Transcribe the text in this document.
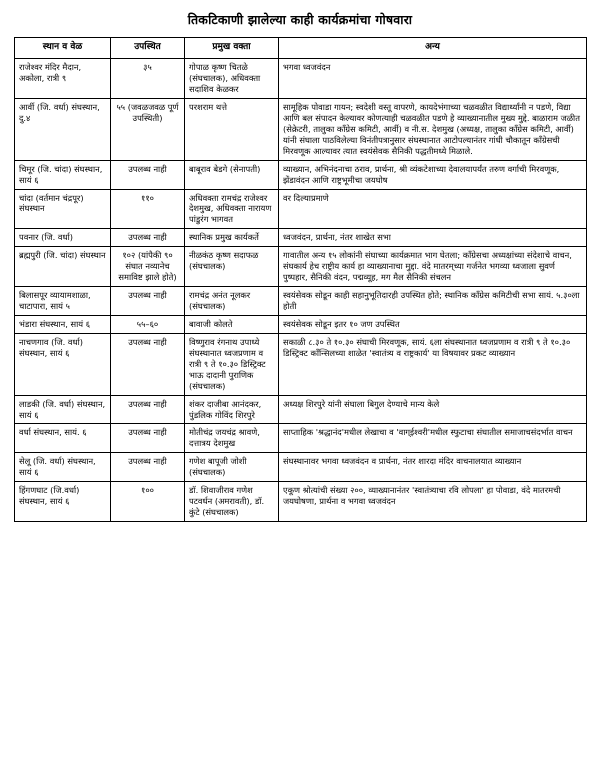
तिकटिकाणी झालेल्या काही कार्यक्रमांचा गोषवारा
स्थान व वेळ	उपस्थित	प्रमुख वक्ता	अन्य
राजेश्वर मंदिर मैदान, अकोला, रात्री ९	३५	गोपाळ कृष्ण चितळे (संघचालक), अधिवक्ता सदाशिव केळकर	भगवा ध्वजवंदन
आर्वी (जि. वर्धा) संघस्थान, दु.४	५५ (जवळजवळ पूर्ण उपस्थिती)	परशराम थत्ते	सामूहिक पोवाडा गायन; स्वदेशी वस्तू वापरणे, कायदेभंगाच्या चळवळीत विद्यार्थ्यांनी न पडणे, विद्या आणि बल संपादन केल्यावर कोणत्याही चळवळीत पडणे हे व्याख्यानातील मुख्य मुद्दे. बाळाराम जळीत (सेक्रेटरी, तालुका काँग्रेस कमिटी, आर्वी) व नी.स. देशमुख (अध्यक्ष, तालुका काँग्रेस कमिटी, आर्वी) यांनी संघाला पाठविलेल्या विनंतीपत्रानुसार संघस्थानात आटोपल्यानंतर गांधी चौकातून काँग्रेसची मिरवणूक आल्यावर त्यात स्वयंसेवक सैनिकी पद्धतीमध्ये मिळाले.
चिमूर (जि. चांदा) संघस्थान, सायं ६	उपलब्ध नाही	बाबूराव बेडगे (सेनापती)	व्याख्यान, अभिनंदनाचा ठराव, प्रार्थना, श्री व्यंकटेशाच्या देवालयापर्यंत तरुण वर्गाची मिरवणूक, झेंडावंदन आणि राष्ट्रभूमीचा जयघोष
चांदा (वर्तमान चंद्रपूर) संघस्थान	११०	अधिवक्ता रामचंद्र राजेश्वर देशमुख, अधिवक्ता नारायण पांडुरंग भागवत	वर दिल्याप्रमाणे
पवनार (जि. वर्धा)	उपलब्ध नाही	स्थानिक प्रमुख कार्यकर्ते	ध्वजवंदन, प्रार्थना, नंतर शाखेत सभा
ब्रह्मपुरी (जि. चांदा) संघस्थान	१०२ (यांपैकी ९० संघात नव्यानेच समाविष्ट झाले होते)	नीळकंठ कृष्ण सदाफळ (संघचालक)	गावातील अन्य १५ लोकांनी संघाच्या कार्यक्रमात भाग घेतला; काँग्रेसचा अध्यक्षांच्या संदेशाचे वाचन, संघकार्य हेच राष्ट्रीय कार्य हा व्याख्यानाचा मुद्दा. वंदे मातरम्‌च्या गर्जनेत भगव्या ध्वजाला सुवर्ण पुष्पहार, सैनिकी वंदन, पद्मव्यूह, मग मैल सैनिकी संचलन
बिलासपूर व्यायामशाळा, चाटापारा, सायं ५	उपलब्ध नाही	रामचंद्र अनंत नूलकर (संघचालक)	स्वयंसेवक सोडून काही सहानुभूतिदारही उपस्थित होते; स्थानिक काँग्रेस कमिटीची सभा सायं. ५.३०ला होती
भंडारा संघस्थान, सायं ६	५५–६०	बावाजी कोलते	स्वयंसेवक सोडून इतर १० जण उपस्थित
नाचणगाव (जि. वर्धा) संघस्थान, सायं ६	उपलब्ध नाही	विष्णुराव रंगनाथ उपाध्ये संघस्थानात ध्वजप्रणाम व रात्री ९ ते १०.३० डिस्ट्रिक्ट भाऊ दादानी पुराणिक (संघचालक)	सकाळी ८.३० ते १०.३० संघाची मिरवणूक, सायं. ६ला संघस्थानात ध्वजप्रणाम व रात्री ९ ते १०.३० डिस्ट्रिक्ट काँन्सिलच्या शाळेत 'स्वातंत्र्य व राष्ट्रकार्य' या विषयावर प्रकट व्याख्यान
लाडकी (जि. वर्धा) संघस्थान, सायं ६	उपलब्ध नाही	शंकर दाजीबा आनंदकर, पुंडलिक गोविंद शिरपुरे	अध्यक्ष शिरपुरे यांनी संघाला बिगुल देण्याचे मान्य केले
वर्धा संघस्थान, सायं. ६	उपलब्ध नाही	मोतीचंद्र जयचंद्र श्रावणे, दत्तात्रय देशमुख	साप्ताहिक 'श्रद्धानंद'मधील लेखाचा व 'वाग्ईश्वरी'मधील स्फुटाचा संघातील समाजाचसंदर्भात वाचन
सेलू (जि. वर्धा) संघस्थान, सायं ६	उपलब्ध नाही	गणेश बापूजी जोशी (संघचालक)	संघस्थानावर भगवा ध्वजवंदन व प्रार्थना, नंतर शारदा मंदिर वाचनालयात व्याख्यान
हिंगणघाट (जि.वर्धा) संघस्थान, सायं ६	१००	डॉ. शिवाजीराव गणेश पटवर्धन (अमरावती), डॉ. कुंटे (संघचालक)	एकूण श्रोत्यांची संख्या २००, व्याख्यानानंतर 'स्वातंत्र्याचा रवि लोपला' हा पोवाडा, वंदे मातरमची जयघोषणा, प्रार्थना व भगवा ध्वजवंदन
